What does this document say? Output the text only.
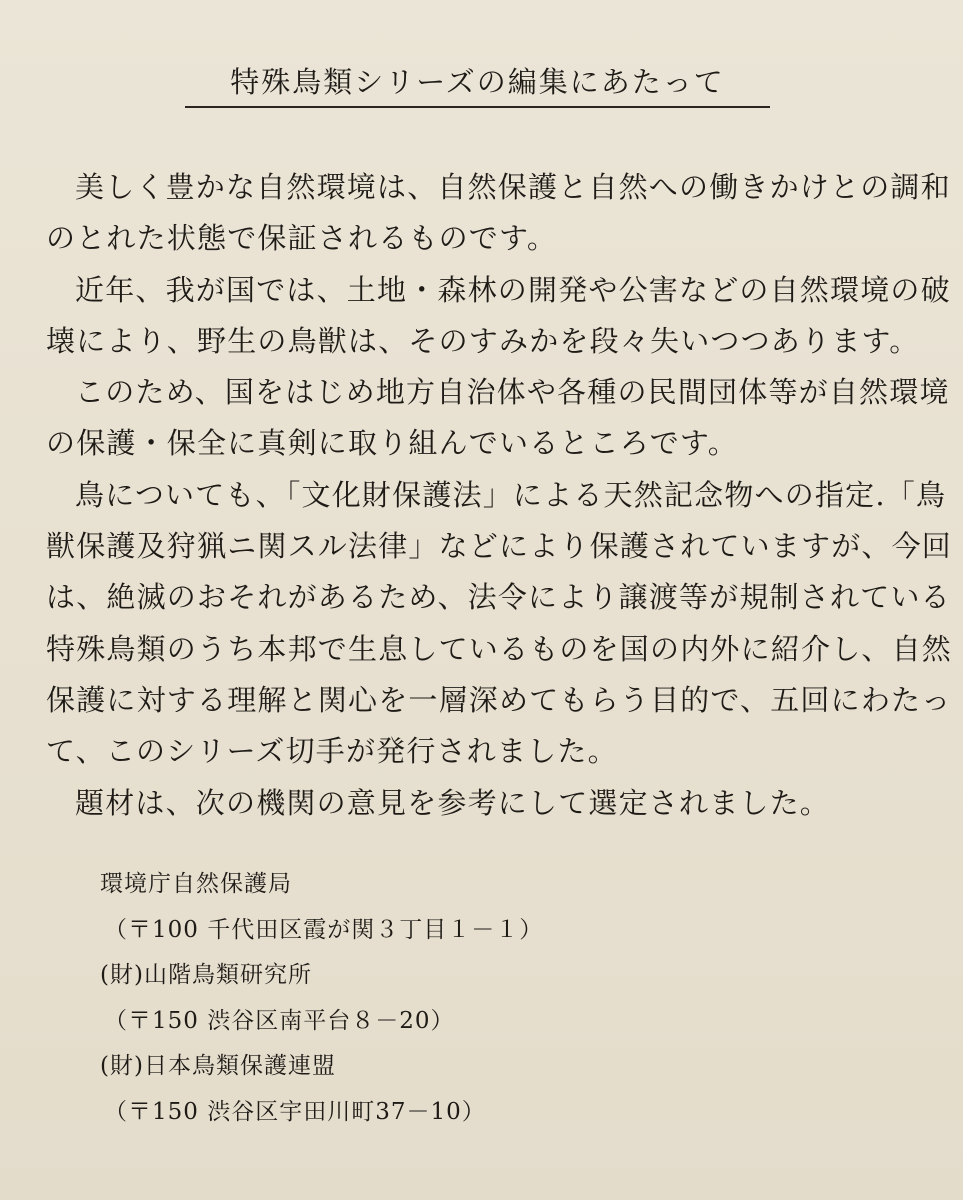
特殊鳥類シリーズの編集にあたって
美しく豊かな自然環境は、自然保護と自然への働きかけとの調和
のとれた状態で保証されるものです。
近年、我が国では、土地・森林の開発や公害などの自然環境の破
壊により、野生の鳥獣は、そのすみかを段々失いつつあります。
このため、国をはじめ地方自治体や各種の民間団体等が自然環境
の保護・保全に真剣に取り組んでいるところです。
鳥についても、「文化財保護法」による天然記念物への指定.「鳥
獣保護及狩猟ニ関スル法律」などにより保護されていますが、今回
は、絶滅のおそれがあるため、法令により譲渡等が規制されている
特殊鳥類のうち本邦で生息しているものを国の内外に紹介し、自然
保護に対する理解と関心を一層深めてもらう目的で、五回にわたっ
て、このシリーズ切手が発行されました。
題材は、次の機関の意見を参考にして選定されました。

環境庁自然保護局

（〒100 千代田区霞が関３丁目１－１）

(財)山階鳥類研究所

（〒150 渋谷区南平台８－20）

(財)日本鳥類保護連盟

（〒150 渋谷区宇田川町37－10）
